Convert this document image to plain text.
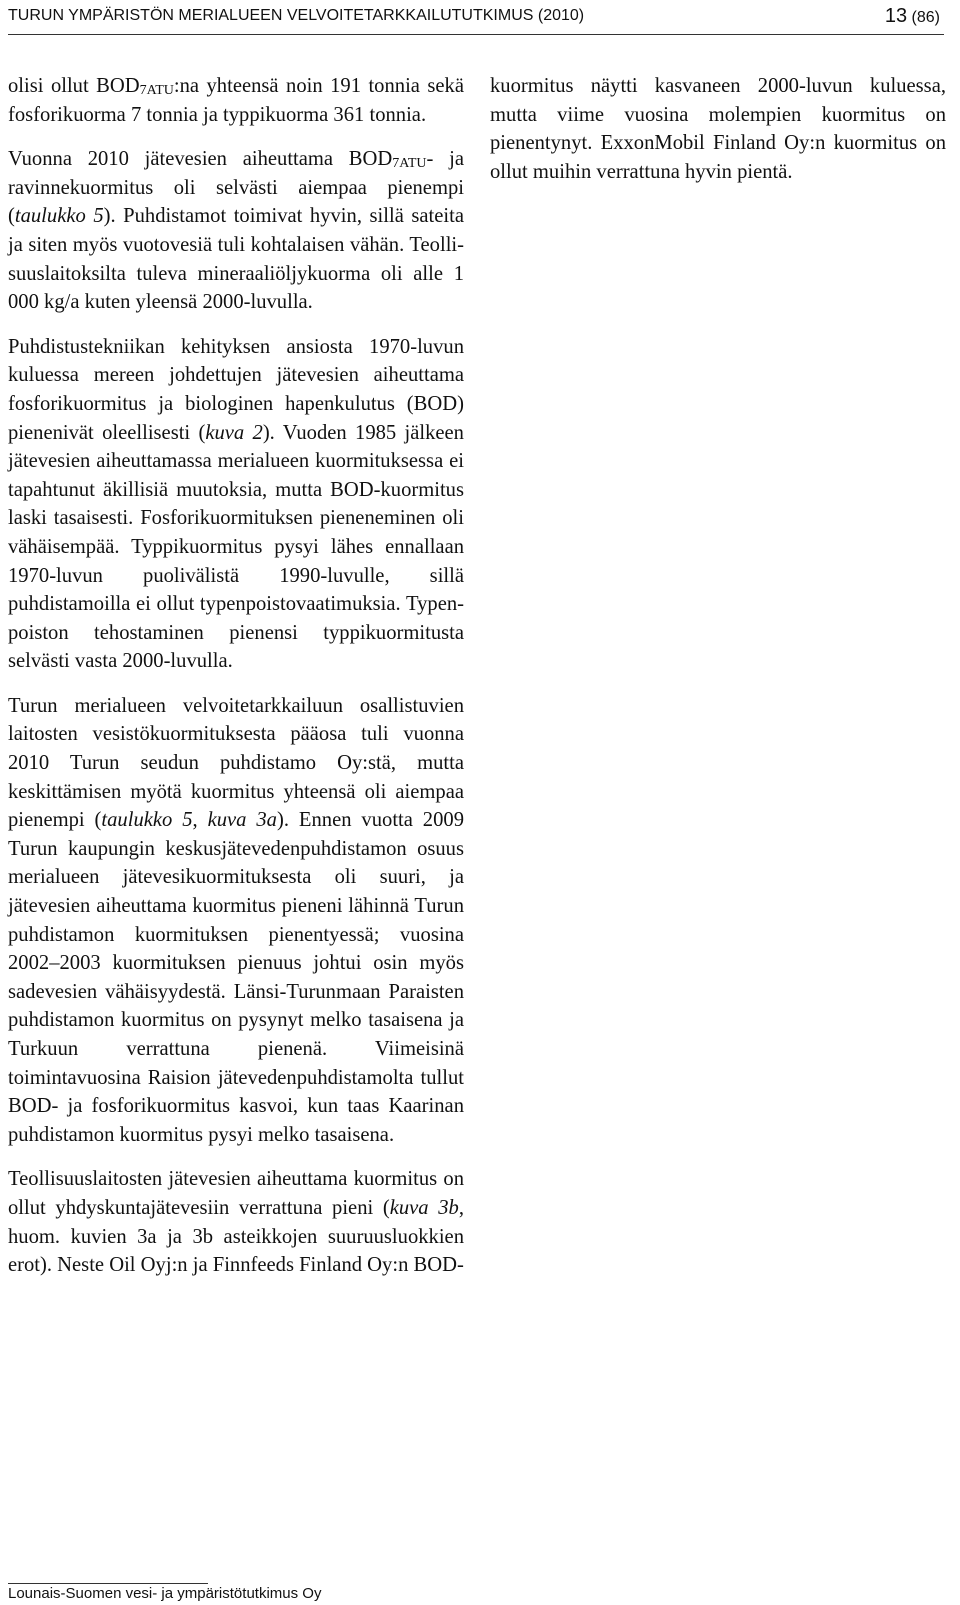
TURUN YMPÄRISTÖN MERIALUEEN VELVOITETARKKAILUTUTKIMUS (2010)	13 (86)

olisi ollut $BOD_{7ATU}:na$ yhteensä noin 191 tonnia sekä fosforikuorma 7 tonnia ja typpikuorma 361 tonnia.

Vuonna 2010 jätevesien aiheuttama $BOD_{7ATU}-$ ja ravinnekuormitus oli selvästi aiempaa pienempi (taulukko 5). Puhdistamot toimivat hyvin, sillä sateita ja siten myös vuotovesiä tuli kohtalaisen vähän. Teollisuuslaitoksilta tuleva mineraaliöljykuorma oli alle 1 000 kg/a kuten yleensä 2000-luvulla.

Puhdistustekniikan kehityksen ansiosta 1970-luvun kuluessa mereen johdettujen jätevesien aiheuttama fosforikuormitus ja biologinen hapenkulutus (BOD) pienenivät oleellisesti (kuva 2). Vuoden 1985 jälkeen jätevesien aiheuttamassa merialueen kuormituksessa ei tapahtunut äkillisiä muutoksia, mutta BOD-kuormitus laski tasaisesti. Fosforikuormituksen pieneneminen oli vähäisempää. Typpikuormitus pysyi lähes ennallaan 1970-luvun puolivälistä 1990-luvulle, sillä puhdistamoilla ei ollut typenpoistovaatimuksia. Typenpoiston tehostaminen pienensi typpikuormitusta selvästi vasta 2000-luvulla.

Turun merialueen velvoitetarkkailuun osallistuvien laitosten vesistökuormituksesta pääosa tuli vuonna 2010 Turun seudun puhdistamo Oy:stä, mutta keskittämisen myötä kuormitus yhteensä oli aiempaa pienempi (taulukko 5, kuva 3a). Ennen vuotta 2009 Turun kaupungin keskusjätevedenpuhdistamon osuus merialueen jätevesikuormituksesta oli suuri, ja jätevesien aiheuttama kuormitus pieneni lähinnä Turun puhdistamon kuormituksen pienentyessä; vuosina 2002–2003 kuormituksen pienuus johtui osin myös sadevesien vähäisyydestä. Länsi-Turunmaan Paraisten puhdistamon kuormitus on pysynyt melko tasaisena ja Turkuun verrattuna pienenä. Viimeisinä toimintavuosina Raision jätevedenpuhdistamolta tullut BOD- ja fosforikuormitus kasvoi, kun taas Kaarinan puhdistamon kuormitus pysyi melko tasaisena.

Teollisuuslaitosten jätevesien aiheuttama kuormitus on ollut yhdyskuntajätevesiin verrattuna pieni (kuva 3b, huom. kuvien 3a ja 3b asteikkojen suuruusluokkien erot). Neste Oil Oyj:n ja Finnfeeds Finland Oy:n BOD-

kuormitus näytti kasvaneen 2000-luvun kuluessa, mutta viime vuosina molempien kuormitus on pienentynyt. ExxonMobil Finland Oy:n kuormitus on ollut muihin verrattuna hyvin pientä.

Lounais-Suomen vesi- ja ympäristötutkimus Oy
